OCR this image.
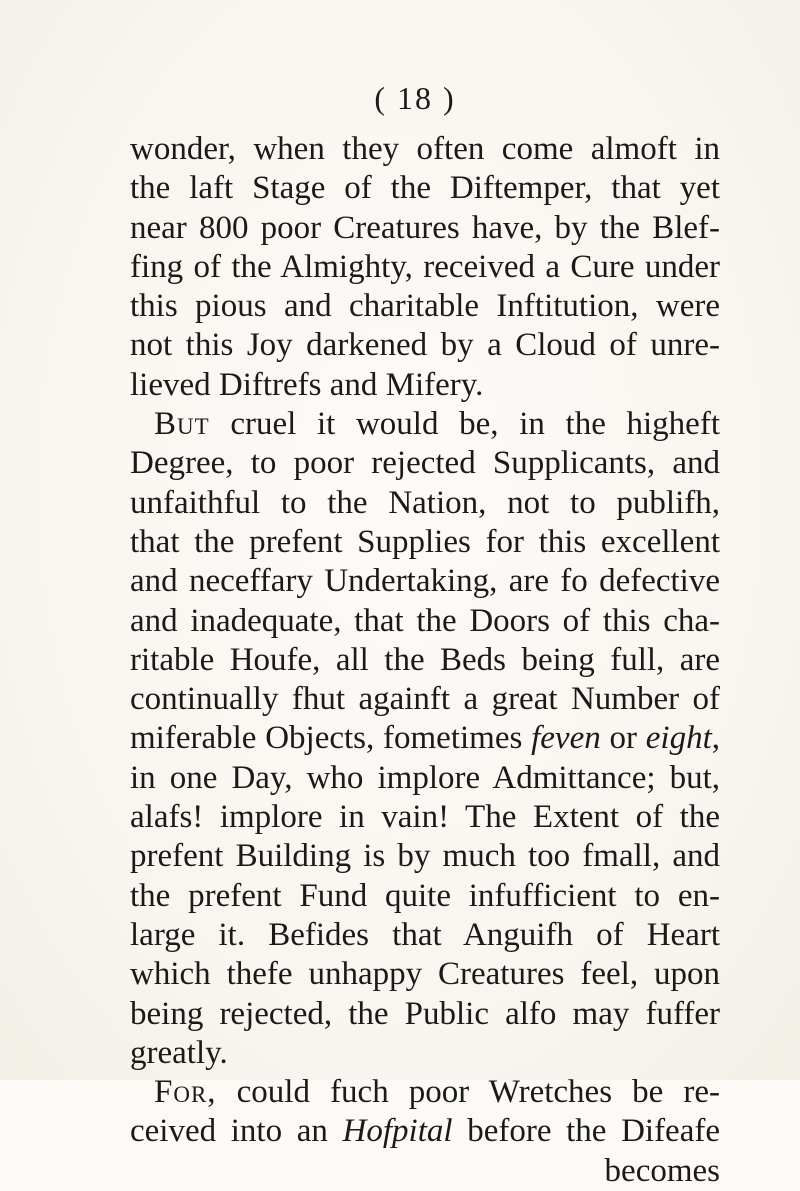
( 18 )
wonder, when they often come almoft in
the laft Stage of the Diftemper, that yet
near 800 poor Creatures have, by the Blef-
fing of the Almighty, received a Cure under
this pious and charitable Inftitution, were
not this Joy darkened by a Cloud of unre-
lieved Diftrefs and Mifery.
But cruel it would be, in the higheft
Degree, to poor rejected Supplicants, and
unfaithful to the Nation, not to publifh,
that the prefent Supplies for this excellent
and neceffary Undertaking, are fo defective
and inadequate, that the Doors of this cha-
ritable Houfe, all the Beds being full, are
continually fhut againft a great Number of
miferable Objects, fometimes feven or eight,
in one Day, who implore Admittance; but,
alafs! implore in vain! The Extent of the
prefent Building is by much too fmall, and
the prefent Fund quite infufficient to en-
large it. Befides that Anguifh of Heart
which thefe unhappy Creatures feel, upon
being rejected, the Public alfo may fuffer
greatly.
For, could fuch poor Wretches be re-
ceived into an Hofpital before the Difeafe
becomes
